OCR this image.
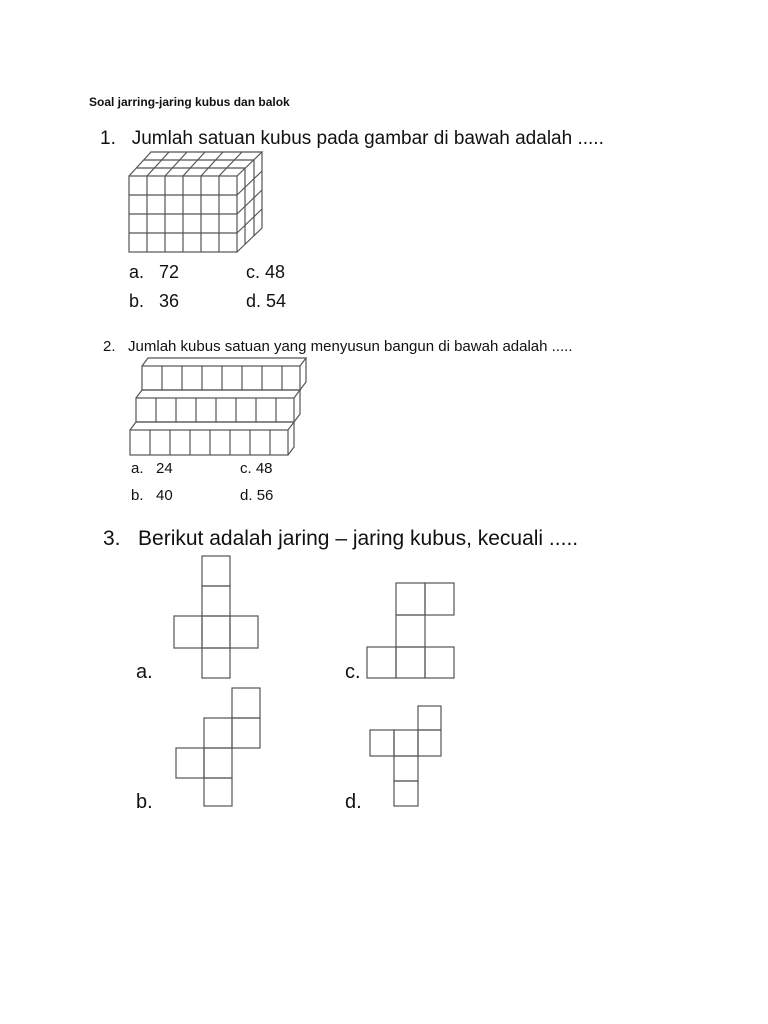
Soal jarring-jaring kubus dan balok
1. Jumlah satuan kubus pada gambar di bawah adalah .....
a. 72	c. 48
b. 36	d. 54
2. Jumlah kubus satuan yang menyusun bangun di bawah adalah .....
a. 24	c. 48
b. 40	d. 56
3. Berikut adalah jaring – jaring kubus, kecuali .....
a.	c.
b.	d.
